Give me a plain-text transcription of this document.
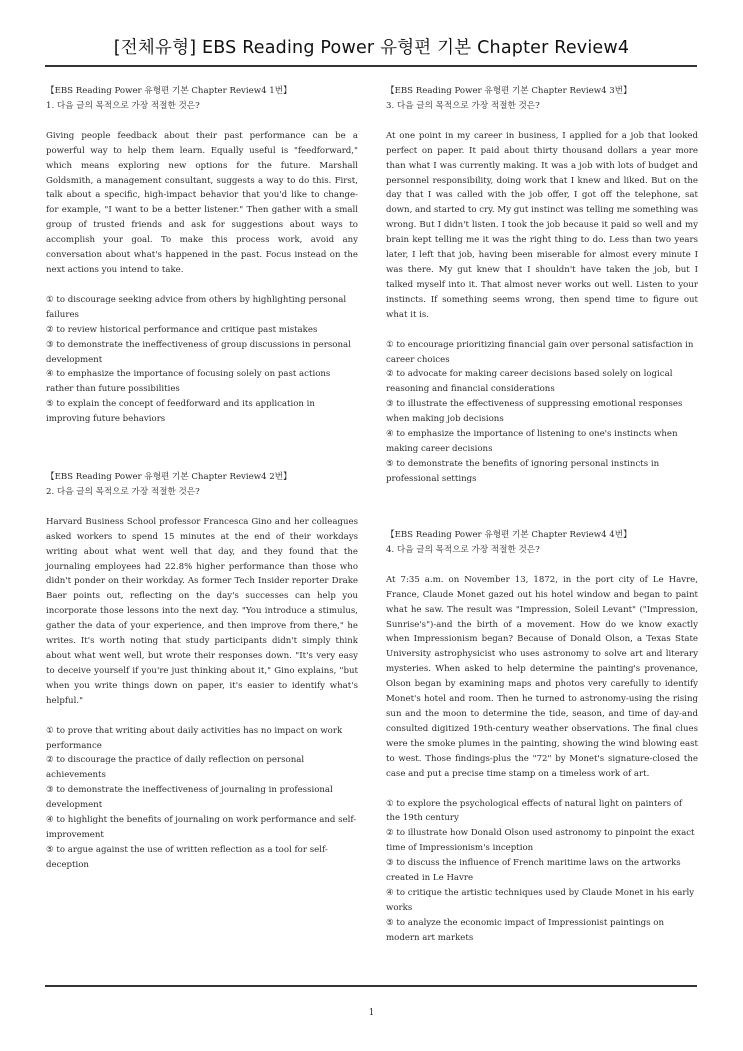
[전체유형] EBS Reading Power 유형편 기본 Chapter Review4
【EBS Reading Power 유형편 기본 Chapter Review4 1번】
1. 다음 글의 목적으로 가장 적절한 것은?
Giving people feedback about their past performance can be a powerful way to help them learn. Equally useful is "feedforward," which means exploring new options for the future. Marshall Goldsmith, a management consultant, suggests a way to do this. First, talk about a specific, high-impact behavior that you'd like to change-for example, "I want to be a better listener." Then gather with a small group of trusted friends and ask for suggestions about ways to accomplish your goal. To make this process work, avoid any conversation about what's happened in the past. Focus instead on the next actions you intend to take.
① to discourage seeking advice from others by highlighting personal failures
② to review historical performance and critique past mistakes
③ to demonstrate the ineffectiveness of group discussions in personal development
④ to emphasize the importance of focusing solely on past actions rather than future possibilities
⑤ to explain the concept of feedforward and its application in improving future behaviors
【EBS Reading Power 유형편 기본 Chapter Review4 2번】
2. 다음 글의 목적으로 가장 적절한 것은?
Harvard Business School professor Francesca Gino and her colleagues asked workers to spend 15 minutes at the end of their workdays writing about what went well that day, and they found that the journaling employees had 22.8% higher performance than those who didn't ponder on their workday. As former Tech Insider reporter Drake Baer points out, reflecting on the day's successes can help you incorporate those lessons into the next day. "You introduce a stimulus, gather the data of your experience, and then improve from there," he writes. It's worth noting that study participants didn't simply think about what went well, but wrote their responses down. "It's very easy to deceive yourself if you're just thinking about it," Gino explains, "but when you write things down on paper, it's easier to identify what's helpful."
① to prove that writing about daily activities has no impact on work performance
② to discourage the practice of daily reflection on personal achievements
③ to demonstrate the ineffectiveness of journaling in professional development
④ to highlight the benefits of journaling on work performance and self-improvement
⑤ to argue against the use of written reflection as a tool for self-deception
【EBS Reading Power 유형편 기본 Chapter Review4 3번】
3. 다음 글의 목적으로 가장 적절한 것은?
At one point in my career in business, I applied for a job that looked perfect on paper. It paid about thirty thousand dollars a year more than what I was currently making. It was a job with lots of budget and personnel responsibility, doing work that I knew and liked. But on the day that I was called with the job offer, I got off the telephone, sat down, and started to cry. My gut instinct was telling me something was wrong. But I didn't listen. I took the job because it paid so well and my brain kept telling me it was the right thing to do. Less than two years later, I left that job, having been miserable for almost every minute I was there. My gut knew that I shouldn't have taken the job, but I talked myself into it. That almost never works out well. Listen to your instincts. If something seems wrong, then spend time to figure out what it is.
① to encourage prioritizing financial gain over personal satisfaction in career choices
② to advocate for making career decisions based solely on logical reasoning and financial considerations
③ to illustrate the effectiveness of suppressing emotional responses when making job decisions
④ to emphasize the importance of listening to one's instincts when making career decisions
⑤ to demonstrate the benefits of ignoring personal instincts in professional settings
【EBS Reading Power 유형편 기본 Chapter Review4 4번】
4. 다음 글의 목적으로 가장 적절한 것은?
At 7:35 a.m. on November 13, 1872, in the port city of Le Havre, France, Claude Monet gazed out his hotel window and began to paint what he saw. The result was "Impression, Soleil Levant" ("Impression, Sunrise's")-and the birth of a movement. How do we know exactly when Impressionism began? Because of Donald Olson, a Texas State University astrophysicist who uses astronomy to solve art and literary mysteries. When asked to help determine the painting's provenance, Olson began by examining maps and photos very carefully to identify Monet's hotel and room. Then he turned to astronomy-using the rising sun and the moon to determine the tide, season, and time of day-and consulted digitized 19th-century weather observations. The final clues were the smoke plumes in the painting, showing the wind blowing east to west. Those findings-plus the "72" by Monet's signature-closed the case and put a precise time stamp on a timeless work of art.
① to explore the psychological effects of natural light on painters of the 19th century
② to illustrate how Donald Olson used astronomy to pinpoint the exact time of Impressionism's inception
③ to discuss the influence of French maritime laws on the artworks created in Le Havre
④ to critique the artistic techniques used by Claude Monet in his early works
⑤ to analyze the economic impact of Impressionist paintings on modern art markets
1
